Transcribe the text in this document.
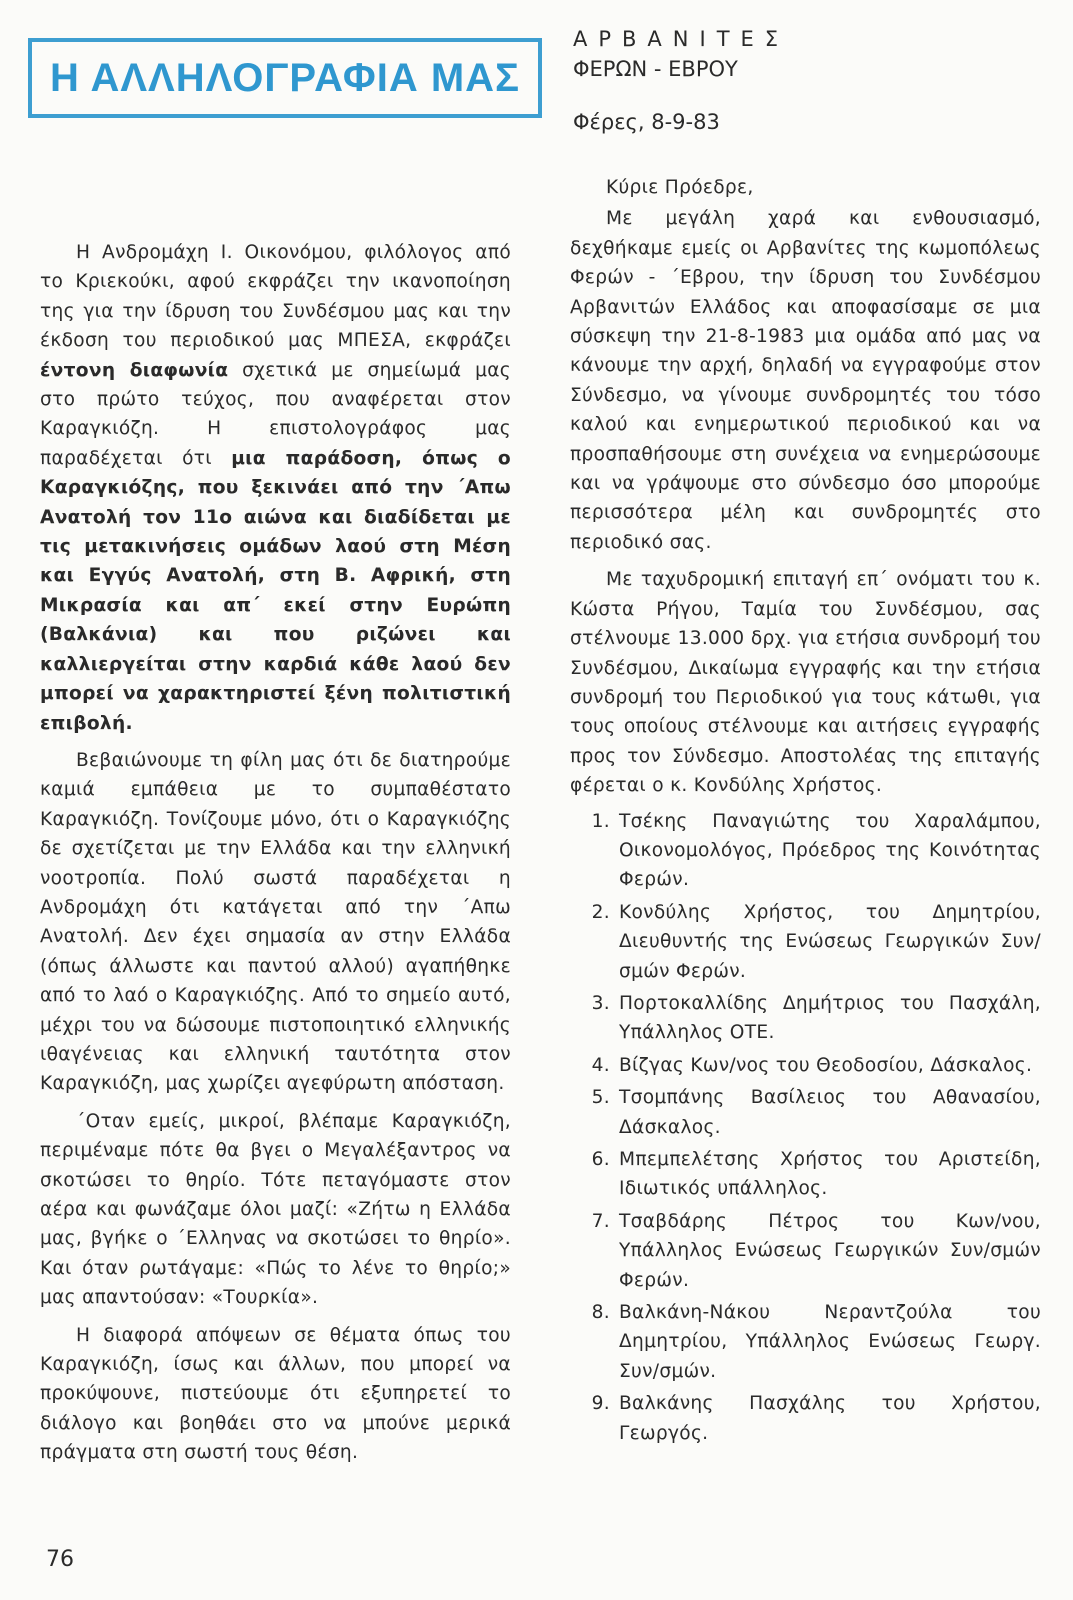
Η ΑΛΛΗΛΟΓΡΑΦΙΑ ΜΑΣ
ΑΡΒΑΝΙΤΕΣ
ΦΕΡΩΝ - ΕΒΡΟΥ
Φέρες, 8-9-83

Η Ανδρομάχη Ι. Οικονόμου, φιλόλογος από το Κριεκούκι, αφού εκφράζει την ικανοποίηση της για την ίδρυση του Συνδέσμου μας και την έκδοση του περιοδικού μας ΜΠΕΣΑ, εκφράζει έντονη διαφωνία σχετικά με σημείωμά μας στο πρώτο τεύχος, που αναφέρεται στον Καραγκιόζη. Η επιστολογράφος μας παραδέχεται ότι μια παράδοση, όπως ο Καραγκιόζης, που ξεκινάει από την ΄Απω Ανατολή τον 11ο αιώνα και διαδίδεται με τις μετακινήσεις ομάδων λαού στη Μέση και Εγγύς Ανατολή, στη Β. Αφρική, στη Μικρασία και απ΄ εκεί στην Ευρώπη (Βαλκάνια) και που ριζώνει και καλλιεργείται στην καρδιά κάθε λαού δεν μπορεί να χαρακτηριστεί ξένη πολιτιστική επιβολή.

Βεβαιώνουμε τη φίλη μας ότι δε διατηρούμε καμιά εμπάθεια με το συμπαθέστατο Καραγκιόζη. Τονίζουμε μόνο, ότι ο Καραγκιόζης δε σχετίζεται με την Ελλάδα και την ελληνική νοοτροπία. Πολύ σωστά παραδέχεται η Ανδρομάχη ότι κατάγεται από την ΄Απω Ανατολή. Δεν έχει σημασία αν στην Ελλάδα (όπως άλλωστε και παντού αλλού) αγαπήθηκε από το λαό ο Καραγκιόζης. Από το σημείο αυτό, μέχρι του να δώσουμε πιστοποιητικό ελληνικής ιθαγένειας και ελληνική ταυτότητα στον Καραγκιόζη, μας χωρίζει αγεφύρωτη απόσταση.

΄Οταν εμείς, μικροί, βλέπαμε Καραγκιόζη, περιμέναμε πότε θα βγει ο Μεγαλέξαντρος να σκοτώσει το θηρίο. Τότε πεταγόμαστε στον αέρα και φωνάζαμε όλοι μαζί: «Ζήτω η Ελλάδα μας, βγήκε ο ΄Ελληνας να σκοτώσει το θηρίο». Και όταν ρωτάγαμε: «Πώς το λένε το θηρίο;» μας απαντούσαν: «Τουρκία».

Η διαφορά απόψεων σε θέματα όπως του Καραγκιόζη, ίσως και άλλων, που μπορεί να προκύψουνε, πιστεύουμε ότι εξυπηρετεί το διάλογο και βοηθάει στο να μπούνε μερικά πράγματα στη σωστή τους θέση.

Κύριε Πρόεδρε,

Με μεγάλη χαρά και ενθουσιασμό, δεχθήκαμε εμείς οι Αρβανίτες της κωμοπόλεως Φερών - ΄Εβρου, την ίδρυση του Συνδέσμου Αρβανιτών Ελλάδος και αποφασίσαμε σε μια σύσκεψη την 21-8-1983 μια ομάδα από μας να κάνουμε την αρχή, δηλαδή να εγγραφούμε στον Σύνδεσμο, να γίνουμε συνδρομητές του τόσο καλού και ενημερωτικού περιοδικού και να προσπαθήσουμε στη συνέχεια να ενημερώσουμε και να γράψουμε στο σύνδεσμο όσο μπορούμε περισσότερα μέλη και συνδρομητές στο περιοδικό σας.

Με ταχυδρομική επιταγή επ΄ ονόματι του κ. Κώστα Ρήγου, Ταμία του Συνδέσμου, σας στέλνουμε 13.000 δρχ. για ετήσια συνδρομή του Συνδέσμου, Δικαίωμα εγγραφής και την ετήσια συνδρομή του Περιοδικού για τους κάτωθι, για τους οποίους στέλνουμε και αιτήσεις εγγραφής προς τον Σύνδεσμο. Αποστολέας της επιταγής φέρεται ο κ. Κονδύλης Χρήστος.

1. Τσέκης Παναγιώτης του Χαραλάμπου, Οικονομολόγος, Πρόεδρος της Κοινότητας Φερών.
2. Κονδύλης Χρήστος, του Δημητρίου, Διευθυντής της Ενώσεως Γεωργικών Συν/σμών Φερών.
3. Πορτοκαλλίδης Δημήτριος του Πασχάλη, Υπάλληλος ΟΤΕ.
4. Βίζγας Κων/νος του Θεοδοσίου, Δάσκαλος.
5. Τσομπάνης Βασίλειος του Αθανασίου, Δάσκαλος.
6. Μπεμπελέτσης Χρήστος του Αριστείδη, Ιδιωτικός υπάλληλος.
7. Τσαβδάρης Πέτρος του Κων/νου, Υπάλληλος Ενώσεως Γεωργικών Συν/σμών Φερών.
8. Βαλκάνη-Νάκου Νεραντζούλα του Δημητρίου, Υπάλληλος Ενώσεως Γεωργ. Συν/σμών.
9. Βαλκάνης Πασχάλης του Χρήστου, Γεωργός.
76
